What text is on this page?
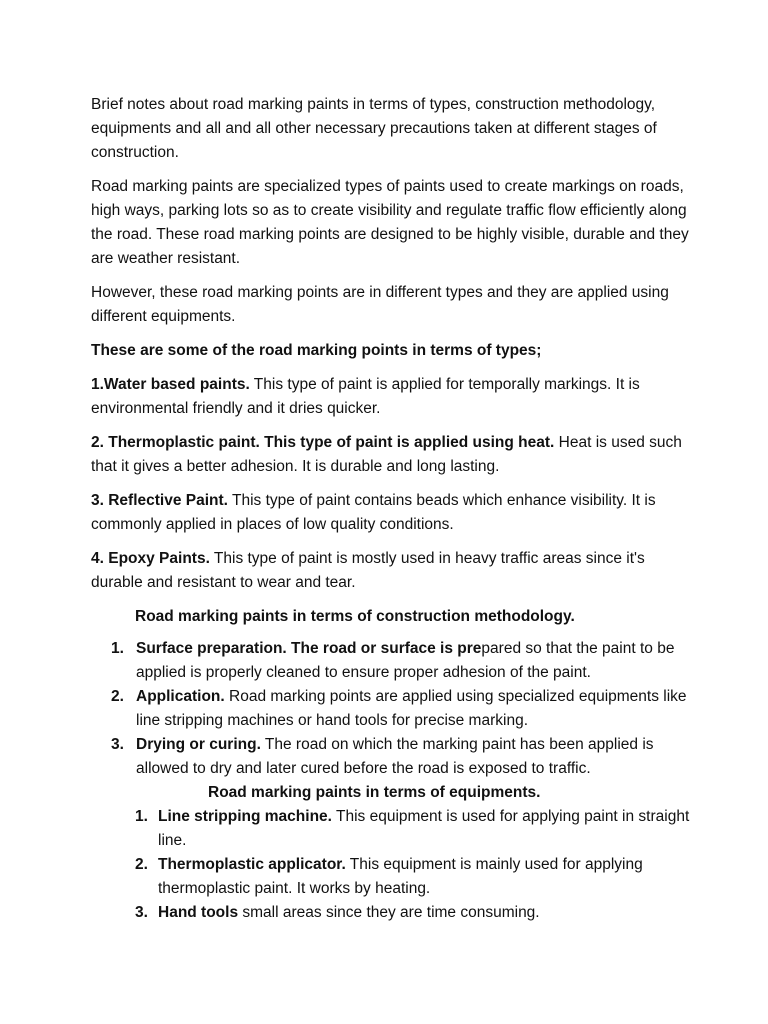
Brief notes about road marking paints in terms of types, construction methodology, equipments and all and all other necessary precautions taken at different stages of construction.

Road marking paints are specialized types of paints used to create markings on roads, high ways, parking lots so as to create visibility and regulate traffic flow efficiently along the road. These road marking points are designed to be highly visible, durable and they are weather resistant.

However, these road marking points are in different types and they are applied using different equipments.

These are some of the road marking points in terms of types;

1.Water based paints. This type of paint is applied for temporally markings. It is environmental friendly and it dries quicker.

2. Thermoplastic paint. This type of paint is applied using heat. Heat is used such that it gives a better adhesion. It is durable and long lasting.

3. Reflective Paint. This type of paint contains beads which enhance visibility. It is commonly applied in places of low quality conditions.

4. Epoxy Paints. This type of paint is mostly used in heavy traffic areas since it's durable and resistant to wear and tear.

Road marking paints in terms of construction methodology.

1. Surface preparation. The road or surface is prepared so that the paint to be applied is properly cleaned to ensure proper adhesion of the paint.
2. Application. Road marking points are applied using specialized equipments like line stripping machines or hand tools for precise marking.
3. Drying or curing. The road on which the marking paint has been applied is allowed to dry and later cured before the road is exposed to traffic.

Road marking paints in terms of equipments.

1. Line stripping machine. This equipment is used for applying paint in straight line.
2. Thermoplastic applicator. This equipment is mainly used for applying thermoplastic paint. It works by heating.
3. Hand tools small areas since they are time consuming.
